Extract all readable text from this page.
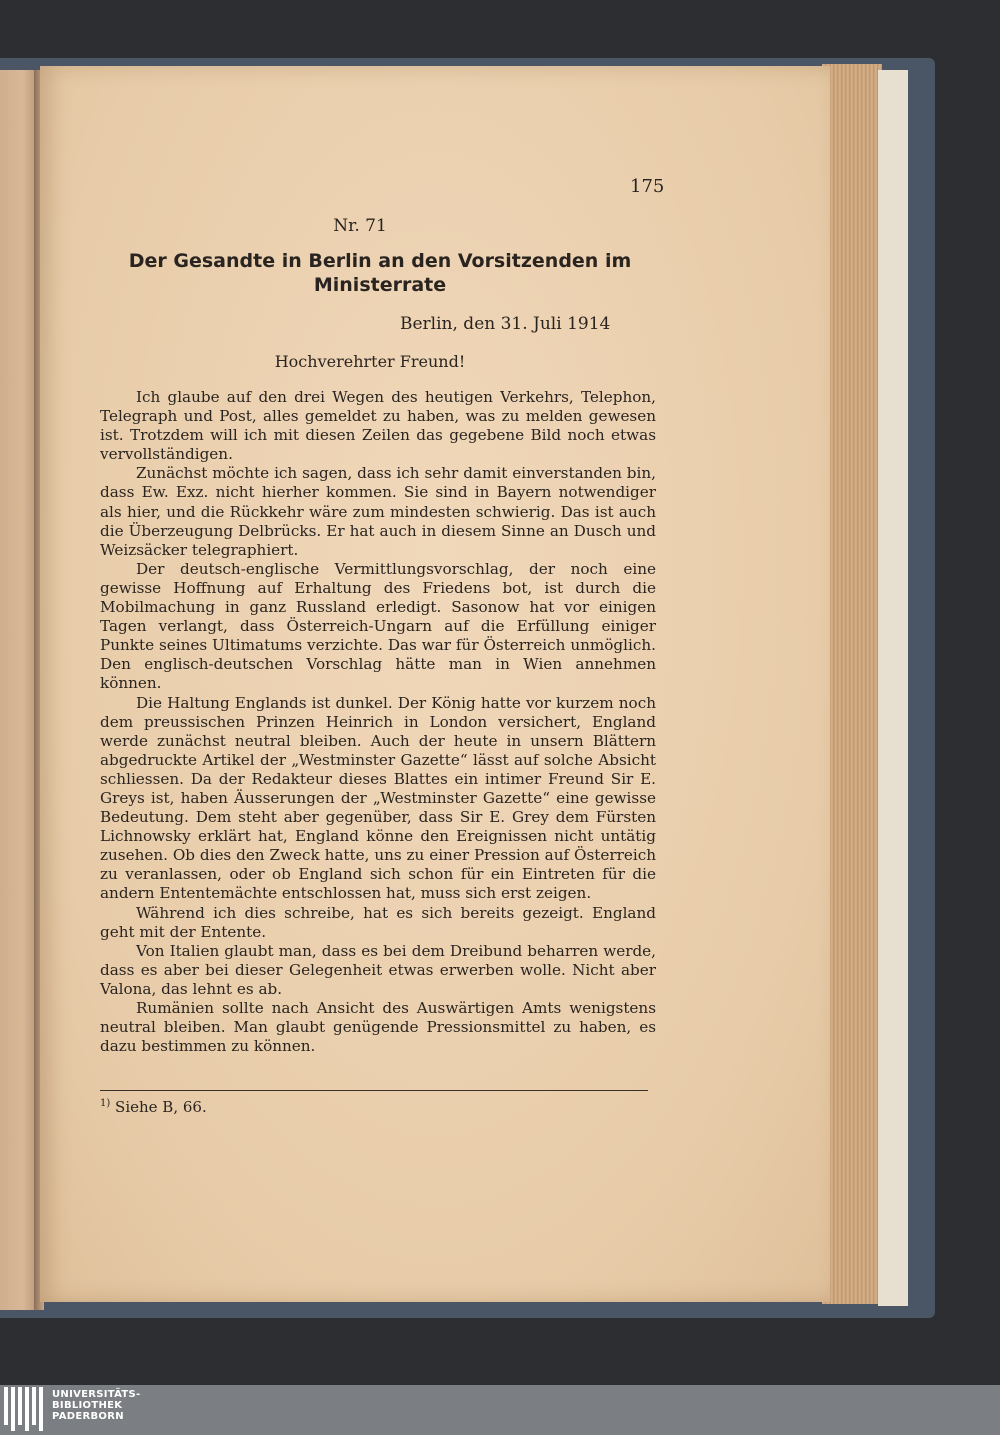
175
Nr. 71
Der Gesandte in Berlin an den Vorsitzenden im Ministerrate
Berlin, den 31. Juli 1914
Hochverehrter Freund!

Ich glaube auf den drei Wegen des heutigen Verkehrs, Telephon, Telegraph und Post, alles gemeldet zu haben, was zu melden gewesen ist. Trotzdem will ich mit diesen Zeilen das gegebene Bild noch etwas vervollständigen.

Zunächst möchte ich sagen, dass ich sehr damit einverstanden bin, dass Ew. Exz. nicht hierher kommen. Sie sind in Bayern notwendiger als hier, und die Rückkehr wäre zum mindesten schwierig. Das ist auch die Überzeugung Delbrücks. Er hat auch in diesem Sinne an Dusch und Weizsäcker telegraphiert.

Der deutsch-englische Vermittlungsvorschlag, der noch eine gewisse Hoffnung auf Erhaltung des Friedens bot, ist durch die Mobilmachung in ganz Russland erledigt. Sasonow hat vor einigen Tagen verlangt, dass Österreich-Ungarn auf die Erfüllung einiger Punkte seines Ultimatums verzichte. Das war für Österreich unmöglich. Den englisch-deutschen Vorschlag hätte man in Wien annehmen können.

Die Haltung Englands ist dunkel. Der König hatte vor kurzem noch dem preussischen Prinzen Heinrich in London versichert, England werde zunächst neutral bleiben. Auch der heute in unsern Blättern abgedruckte Artikel der „Westminster Gazette“ lässt auf solche Absicht schliessen. Da der Redakteur dieses Blattes ein intimer Freund Sir E. Greys ist, haben Äusserungen der „Westminster Gazette“ eine gewisse Bedeutung. Dem steht aber gegenüber, dass Sir E. Grey dem Fürsten Lichnowsky erklärt hat, England könne den Ereignissen nicht untätig zusehen. Ob dies den Zweck hatte, uns zu einer Pression auf Österreich zu veranlassen, oder ob England sich schon für ein Eintreten für die andern Ententemächte entschlossen hat, muss sich erst zeigen.

Während ich dies schreibe, hat es sich bereits gezeigt. England geht mit der Entente.

Von Italien glaubt man, dass es bei dem Dreibund beharren werde, dass es aber bei dieser Gelegenheit etwas erwerben wolle. Nicht aber Valona, das lehnt es ab.

Rumänien sollte nach Ansicht des Auswärtigen Amts wenigstens neutral bleiben. Man glaubt genügende Pressionsmittel zu haben, es dazu bestimmen zu können.

$^{1)}$ Siehe B, 66.
UNIVERSITÄTS-
BIBLIOTHEK
PADERBORN
